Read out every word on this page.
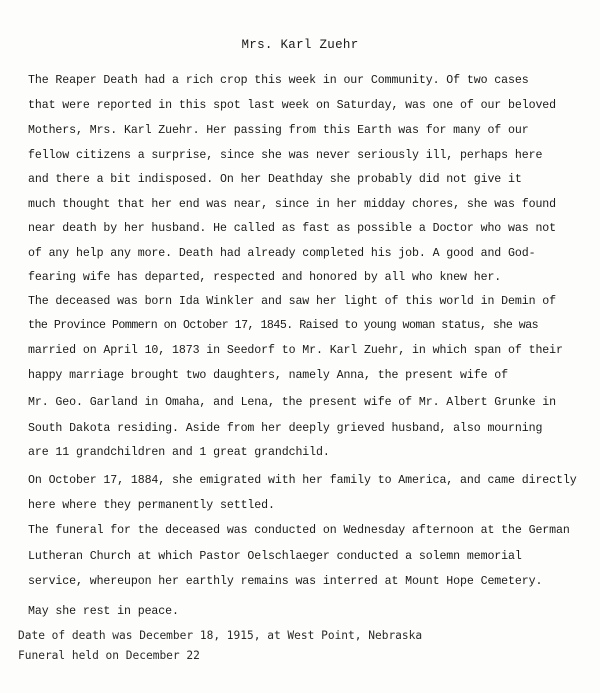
Mrs. Karl Zuehr
The Reaper Death had a rich crop this week in our Community. Of two cases
that were reported in this spot last week on Saturday, was one of our beloved
Mothers, Mrs. Karl Zuehr. Her passing from this Earth was for many of our
fellow citizens a surprise, since she was never seriously ill, perhaps here
and there a bit indisposed. On her Deathday she probably did not give it
much thought that her end was near, since in her midday chores, she was found
near death by her husband. He called as fast as possible a Doctor who was not
of any help any more. Death had already completed his job. A good and God-
fearing wife has departed, respected and honored by all who knew her.
The deceased was born Ida Winkler and saw her light of this world in Demin of
the Province Pommern on October 17, 1845. Raised to young woman status, she was
married on April 10, 1873 in Seedorf to Mr. Karl Zuehr, in which span of their
happy marriage brought two daughters, namely Anna, the present wife of
Mr. Geo. Garland in Omaha, and Lena, the present wife of Mr. Albert Grunke in
South Dakota residing. Aside from her deeply grieved husband, also mourning
are 11 grandchildren and 1 great grandchild.
On October 17, 1884, she emigrated with her family to America, and came directly
here where they permanently settled.
The funeral for the deceased was conducted on Wednesday afternoon at the German
Lutheran Church at which Pastor Oelschlaeger conducted a solemn memorial
service, whereupon her earthly remains was interred at Mount Hope Cemetery.
May she rest in peace.
Date of death was December 18, 1915, at West Point, Nebraska
Funeral held on December 22
